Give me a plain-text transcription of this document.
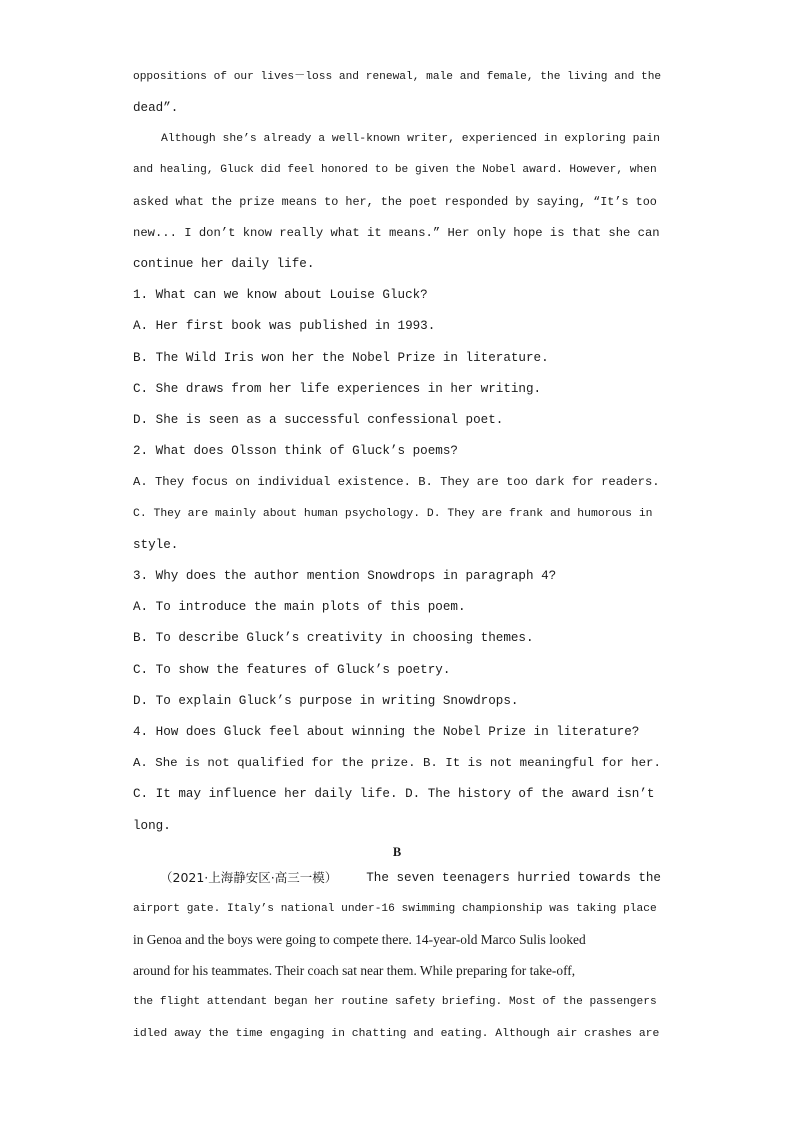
oppositions of our lives－loss and renewal, male and female, the living and the
dead”.
Although she’s already a well-known writer, experienced in exploring pain
and healing, Gluck did feel honored to be given the Nobel award. However, when
asked what the prize means to her, the poet responded by saying, “It’s too
new... I don’t know really what it means.” Her only hope is that she can
continue her daily life.
1. What can we know about Louise Gluck?
A. Her first book was published in 1993.
B. The Wild Iris won her the Nobel Prize in literature.
C. She draws from her life experiences in her writing.
D. She is seen as a successful confessional poet.
2. What does Olsson think of Gluck’s poems?
A. They focus on individual existence. B. They are too dark for readers.
C. They are mainly about human psychology. D. They are frank and humorous in
style.
3. Why does the author mention Snowdrops in paragraph 4?
A. To introduce the main plots of this poem.
B. To describe Gluck’s creativity in choosing themes.
C. To show the features of Gluck’s poetry.
D. To explain Gluck’s purpose in writing Snowdrops.
4. How does Gluck feel about winning the Nobel Prize in literature?
A. She is not qualified for the prize. B. It is not meaningful for her.
C. It may influence her daily life. D. The history of the award isn’t
long.
B
（2021·上海静安区·高三一模） The seven teenagers hurried towards the
airport gate. Italy’s national under-16 swimming championship was taking place
in Genoa and the boys were going to compete there. 14-year-old Marco Sulis looked
around for his teammates. Their coach sat near them. While preparing for take-off,
the flight attendant began her routine safety briefing. Most of the passengers
idled away the time engaging in chatting and eating. Although air crashes are
